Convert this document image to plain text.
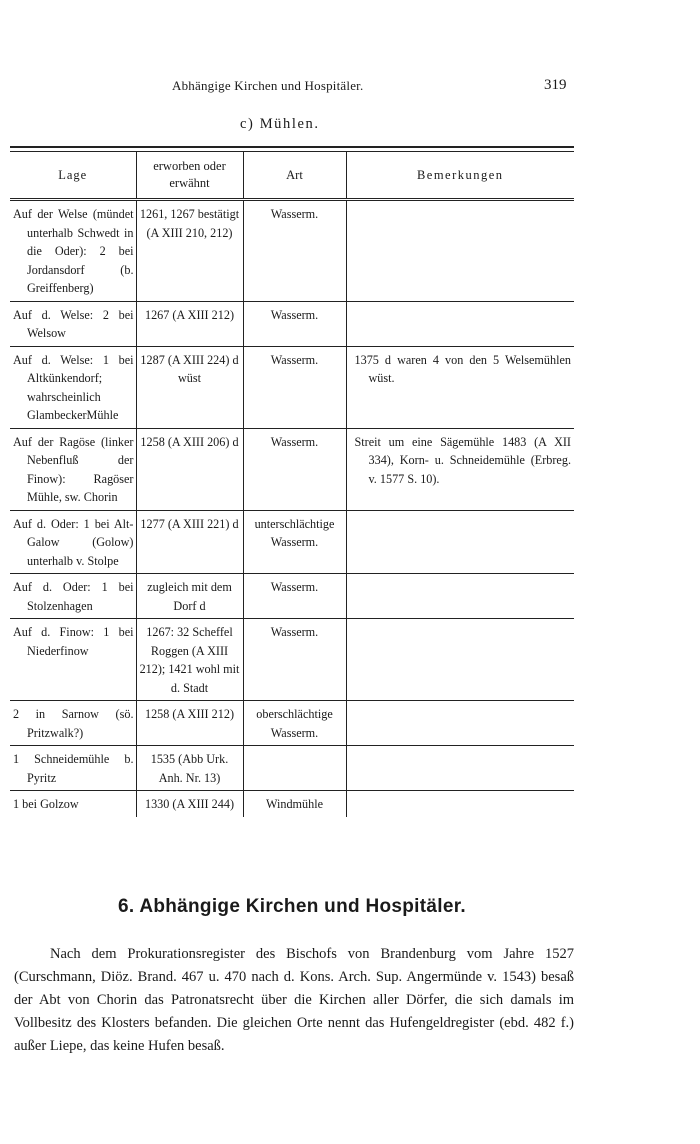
Abhängige Kirchen und Hospitäler.	319
c) Mühlen.

Lage	erworben oder erwähnt	Art	Bemerkungen

Auf der Welse (mündet unterhalb Schwedt in die Oder): 2 bei Jordansdorf (b. Greiffenberg)	1261, 1267 bestätigt (A XIII 210, 212)	Wasserm.	

Auf d. Welse: 2 bei Welsow	1267 (A XIII 212)	Wasserm.	

Auf d. Welse: 1 bei Altkünkendorf; wahrscheinlich GlambeckerMühle	1287 (A XIII 224) d wüst	Wasserm.	1375 d waren 4 von den 5 Welsemühlen wüst.

Auf der Ragöse (linker Nebenfluß der Finow): Ragöser Mühle, sw. Chorin	1258 (A XIII 206) d	Wasserm.	Streit um eine Sägemühle 1483 (A XII 334), Korn- u. Schneidemühle (Erbreg. v. 1577 S. 10).

Auf d. Oder: 1 bei Alt-Galow (Golow) unterhalb v. Stolpe	1277 (A XIII 221) d	unterschlächtige Wasserm.	

Auf d. Oder: 1 bei Stolzenhagen	zugleich mit dem Dorf d	Wasserm.	

Auf d. Finow: 1 bei Niederfinow	1267: 32 Scheffel Roggen (A XIII 212); 1421 wohl mit d. Stadt	Wasserm.	

2 in Sarnow (sö. Pritzwalk?)	1258 (A XIII 212)	oberschlächtige Wasserm.	

1 Schneidemühle b. Pyritz	1535 (Abb Urk. Anh. Nr. 13)		

1 bei Golzow	1330 (A XIII 244)	Windmühle	
6. Abhängige Kirchen und Hospitäler.

Nach dem Prokurationsregister des Bischofs von Brandenburg vom Jahre 1527 (Curschmann, Diöz. Brand. 467 u. 470 nach d. Kons. Arch. Sup. Angermünde v. 1543) besaß der Abt von Chorin das Patronatsrecht über die Kirchen aller Dörfer, die sich damals im Vollbesitz des Klosters befanden. Die gleichen Orte nennt das Hufengeldregister (ebd. 482 f.) außer Liepe, das keine Hufen besaß.
